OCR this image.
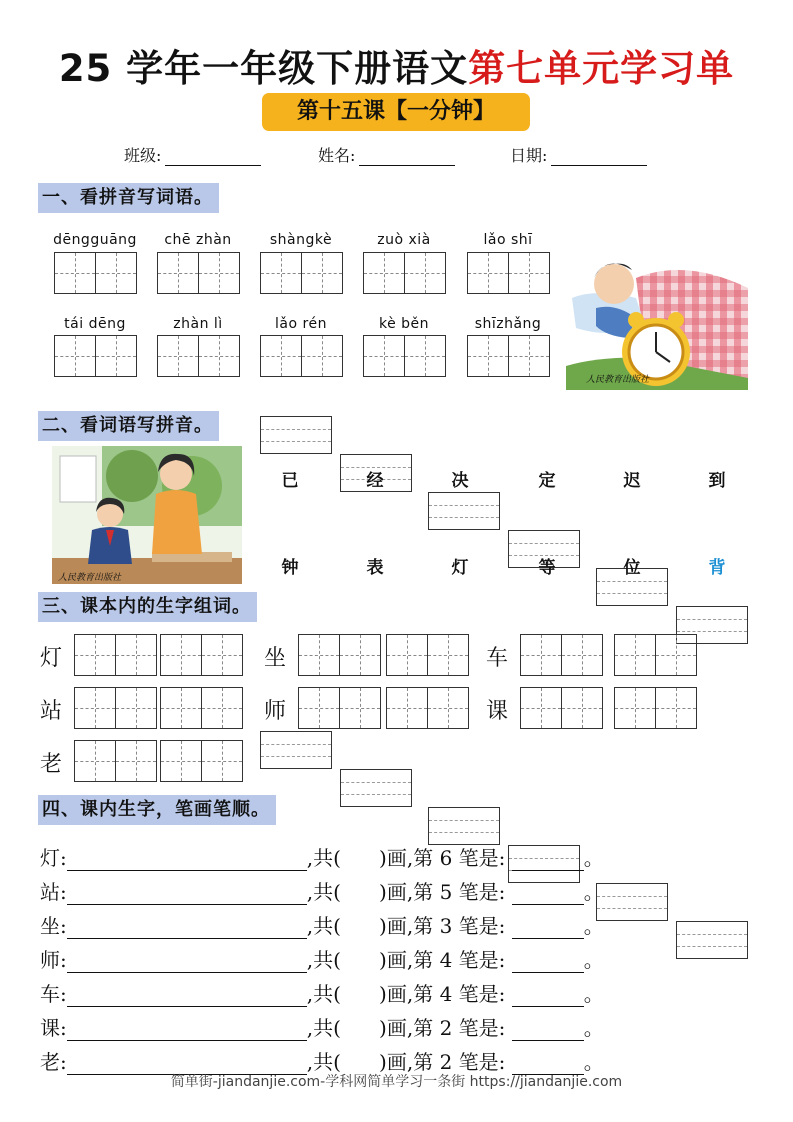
25 学年一年级下册语文第七单元学习单
第十五课【一分钟】
班级:	姓名:	日期:
一、看拼音写词语。
dēngguāng	chē zhàn	shàngkè	zuò xià	lǎo shī
tái dēng	zhàn lì	lǎo rén	kè běn	shīzhǎng
人民教育出版社
二、看词语写拼音。
已	经	决	定	迟	到
钟	表	灯	等	位	背
人民教育出版社
三、课本内的生字组词。
灯	坐	车
站	师	课
老
四、课内生字，笔画笔顺。
灯:	,共(      )画,第 6 笔是:	。
站:	,共(      )画,第 5 笔是:	。
坐:	,共(      )画,第 3 笔是:	。
师:	,共(      )画,第 4 笔是:	。
车:	,共(      )画,第 4 笔是:	。
课:	,共(      )画,第 2 笔是:	。
老:	,共(      )画,第 2 笔是:	。
简单街-jiandanjie.com-学科网简单学习一条街 https://jiandanjie.com
